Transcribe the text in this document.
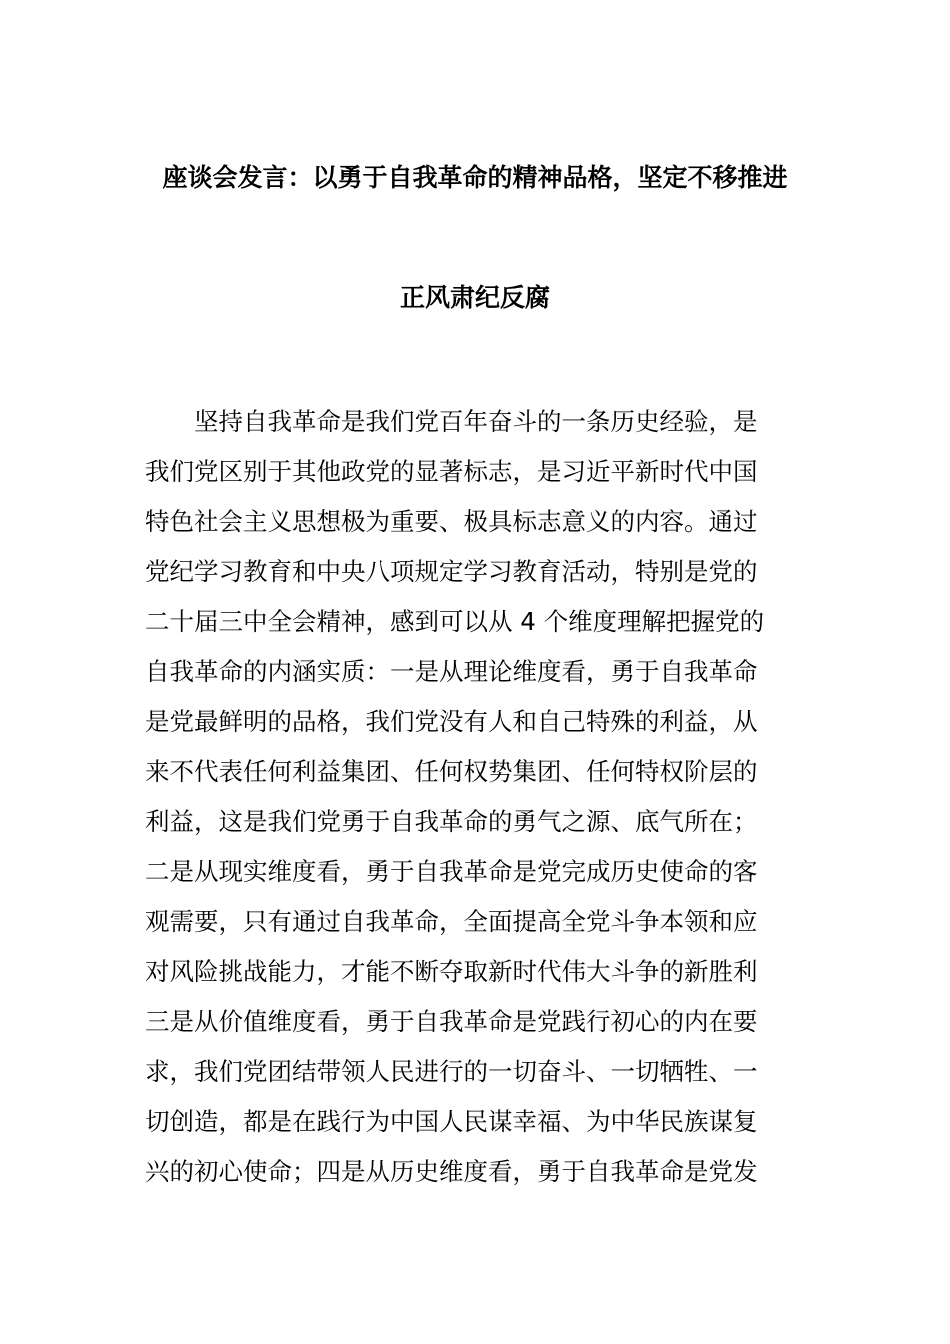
座谈会发言：以勇于自我革命的精神品格，坚定不移推进
正风肃纪反腐
　　坚持自我革命是我们党百年奋斗的一条历史经验，是
我们党区别于其他政党的显著标志，是习近平新时代中国
特色社会主义思想极为重要、极具标志意义的内容。通过
党纪学习教育和中央八项规定学习教育活动，特别是党的
二十届三中全会精神，感到可以从 4 个维度理解把握党的
自我革命的内涵实质：一是从理论维度看，勇于自我革命
是党最鲜明的品格，我们党没有人和自己特殊的利益，从
来不代表任何利益集团、任何权势集团、任何特权阶层的
利益，这是我们党勇于自我革命的勇气之源、底气所在；
二是从现实维度看，勇于自我革命是党完成历史使命的客
观需要，只有通过自我革命，全面提高全党斗争本领和应
对风险挑战能力，才能不断夺取新时代伟大斗争的新胜利
三是从价值维度看，勇于自我革命是党践行初心的内在要
求，我们党团结带领人民进行的一切奋斗、一切牺牲、一
切创造，都是在践行为中国人民谋幸福、为中华民族谋复
兴的初心使命；四是从历史维度看，勇于自我革命是党发
